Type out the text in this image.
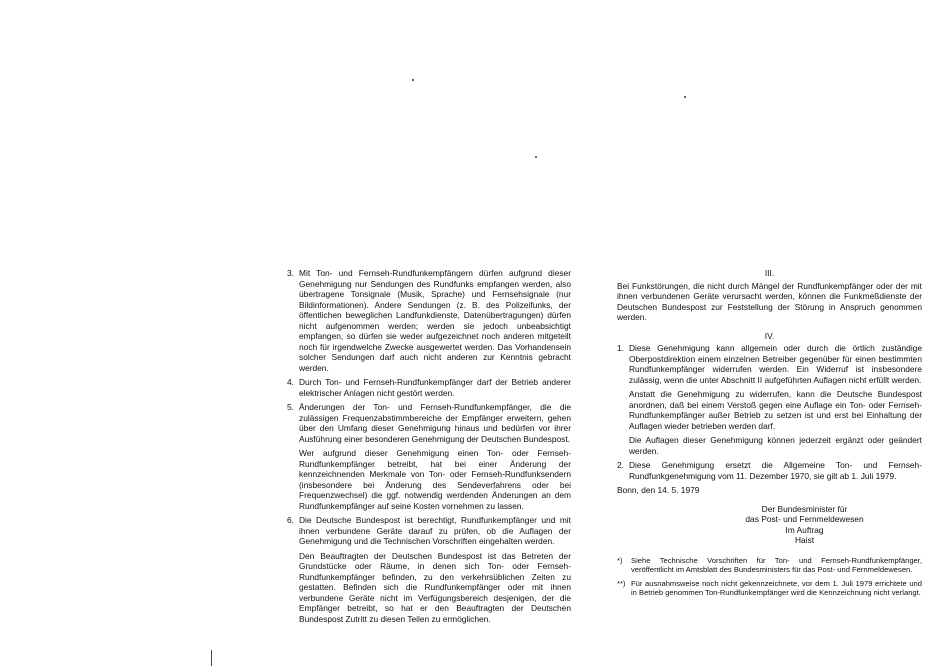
3. Mit Ton- und Fernseh-Rundfunkempfängern dürfen aufgrund dieser Genehmigung nur Sendungen des Rundfunks empfangen werden, also übertragene Tonsignale (Musik, Sprache) und Fernsehsignale (nur Bildinformationen). Andere Sendungen (z. B. des Polizeifunks, der öffentlichen beweglichen Landfunkdienste, Datenübertragungen) dürfen nicht aufgenommen werden; werden sie jedoch unbeabsichtigt empfangen, so dürfen sie weder aufgezeichnet noch anderen mitgeteilt noch für irgendwelche Zwecke ausgewertet werden. Das Vorhandensein solcher Sendungen darf auch nicht anderen zur Kenntnis gebracht werden.
4. Durch Ton- und Fernseh-Rundfunkempfänger darf der Betrieb anderer elektrischer Anlagen nicht gestört werden.
5. Änderungen der Ton- und Fernseh-Rundfunkempfänger, die die zulässigen Frequenzabstimmbereiche der Empfänger erweitern, gehen über den Umfang dieser Genehmigung hinaus und bedürfen vor ihrer Ausführung einer besonderen Genehmigung der Deutschen Bundespost.
Wer aufgrund dieser Genehmigung einen Ton- oder Fernseh-Rundfunkempfänger betreibt, hat bei einer Änderung der kennzeichnenden Merkmale von Ton- oder Fernseh-Rundfunksendern (insbesondere bei Änderung des Sendeverfahrens oder bei Frequenzwechsel) die ggf. notwendig werdenden Änderungen an dem Rundfunkempfänger auf seine Kosten vornehmen zu lassen.
6. Die Deutsche Bundespost ist berechtigt, Rundfunkempfänger und mit ihnen verbundene Geräte darauf zu prüfen, ob die Auflagen der Genehmigung und die Technischen Vorschriften eingehalten werden.
Den Beauftragten der Deutschen Bundespost ist das Betreten der Grundstücke oder Räume, in denen sich Ton- oder Fernseh-Rundfunkempfänger befinden, zu den verkehrsüblichen Zeiten zu gestatten. Befinden sich die Rundfunkempfänger oder mit ihnen verbundene Geräte nicht im Verfügungsbereich desjenigen, der die Empfänger betreibt, so hat er den Beauftragten der Deutschen Bundespost Zutritt zu diesen Teilen zu ermöglichen.
III.
Bei Funkstörungen, die nicht durch Mängel der Rundfunkempfänger oder der mit ihnen verbundenen Geräte verursacht werden, können die Funkmeßdienste der Deutschen Bundespost zur Feststellung der Störung in Anspruch genommen werden.
IV.
1. Diese Genehmigung kann allgemein oder durch die örtlich zuständige Oberpostdirektion einem einzelnen Betreiber gegenüber für einen bestimmten Rundfunkempfänger widerrufen werden. Ein Widerruf ist insbesondere zulässig, wenn die unter Abschnitt II aufgeführten Auflagen nicht erfüllt werden.
Anstatt die Genehmigung zu widerrufen, kann die Deutsche Bundespost anordnen, daß bei einem Verstoß gegen eine Auflage ein Ton- oder Fernseh-Rundfunkempfänger außer Betrieb zu setzen ist und erst bei Einhaltung der Auflagen wieder betrieben werden darf.
Die Auflagen dieser Genehmigung können jederzeit ergänzt oder geändert werden.
2. Diese Genehmigung ersetzt die Allgemeine Ton- und Fernseh-Rundfunkgenehmigung vom 11. Dezember 1970, sie gilt ab 1. Juli 1979.
Bonn, den 14. 5. 1979
Der Bundesminister für
das Post- und Fernmeldewesen
Im Auftrag
Haist
*)	Siehe Technische Vorschriften für Ton- und Fernseh-Rundfunkempfänger, veröffentlicht im Amtsblatt des Bundesministers für das Post- und Fernmeldewesen.
**) Für ausnahmsweise noch nicht gekennzeichnete, vor dem 1. Juli 1979 errichtete und in Betrieb genommen Ton-Rundfunkempfänger wird die Kennzeichnung nicht verlangt.
